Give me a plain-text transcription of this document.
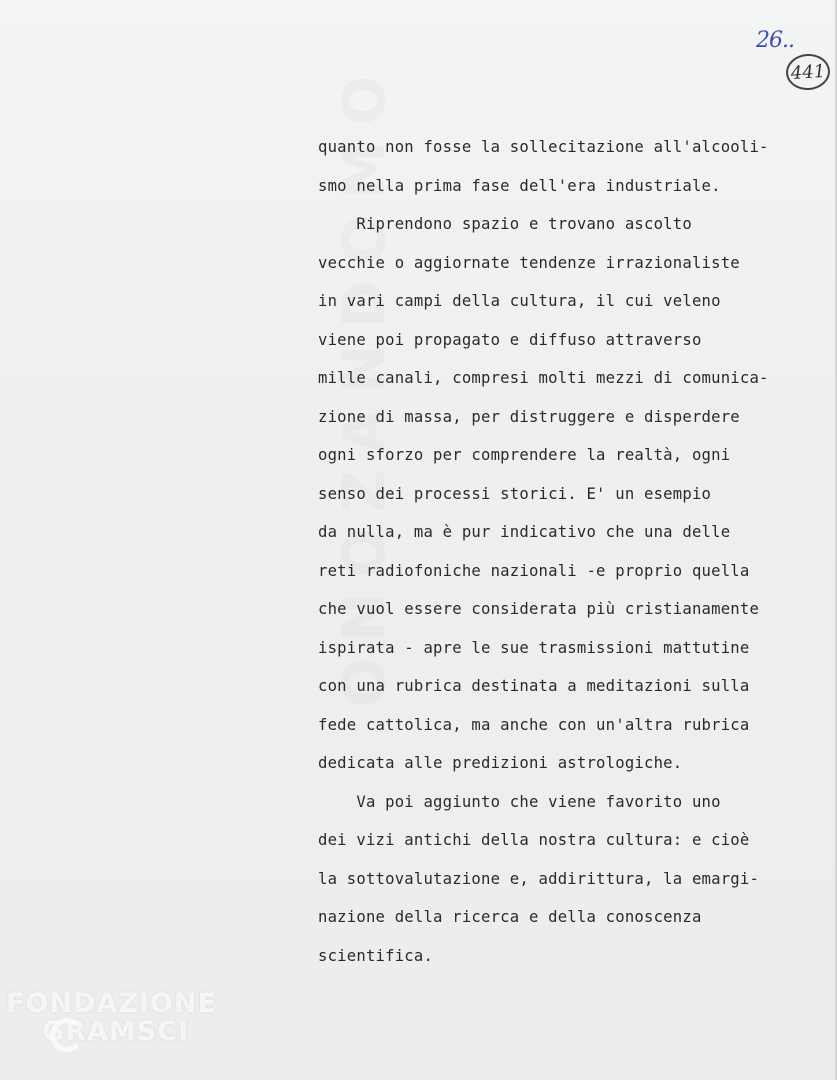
ONOZANDOMO
26..
441
quanto non fosse la sollecitazione all'alcooli-
smo nella prima fase dell'era industriale.
Riprendono spazio e trovano ascolto
vecchie o aggiornate tendenze irrazionaliste
in vari campi della cultura, il cui veleno
viene poi propagato e diffuso attraverso
mille canali, compresi molti mezzi di comunica-
zione di massa, per distruggere e disperdere
ogni sforzo per comprendere la realtà, ogni
senso dei processi storici. E' un esempio
da nulla, ma è pur indicativo che una delle
reti radiofoniche nazionali -e proprio quella
che vuol essere considerata più cristianamente
ispirata - apre le sue trasmissioni mattutine
con una rubrica destinata a meditazioni sulla
fede cattolica, ma anche con un'altra rubrica
dedicata alle predizioni astrologiche.
Va poi aggiunto che viene favorito uno
dei vizi antichi della nostra cultura: e cioè
la sottovalutazione e, addirittura, la emargi-
nazione della ricerca e della conoscenza
scientifica.
FONDAZIONE
GRAMSCI
